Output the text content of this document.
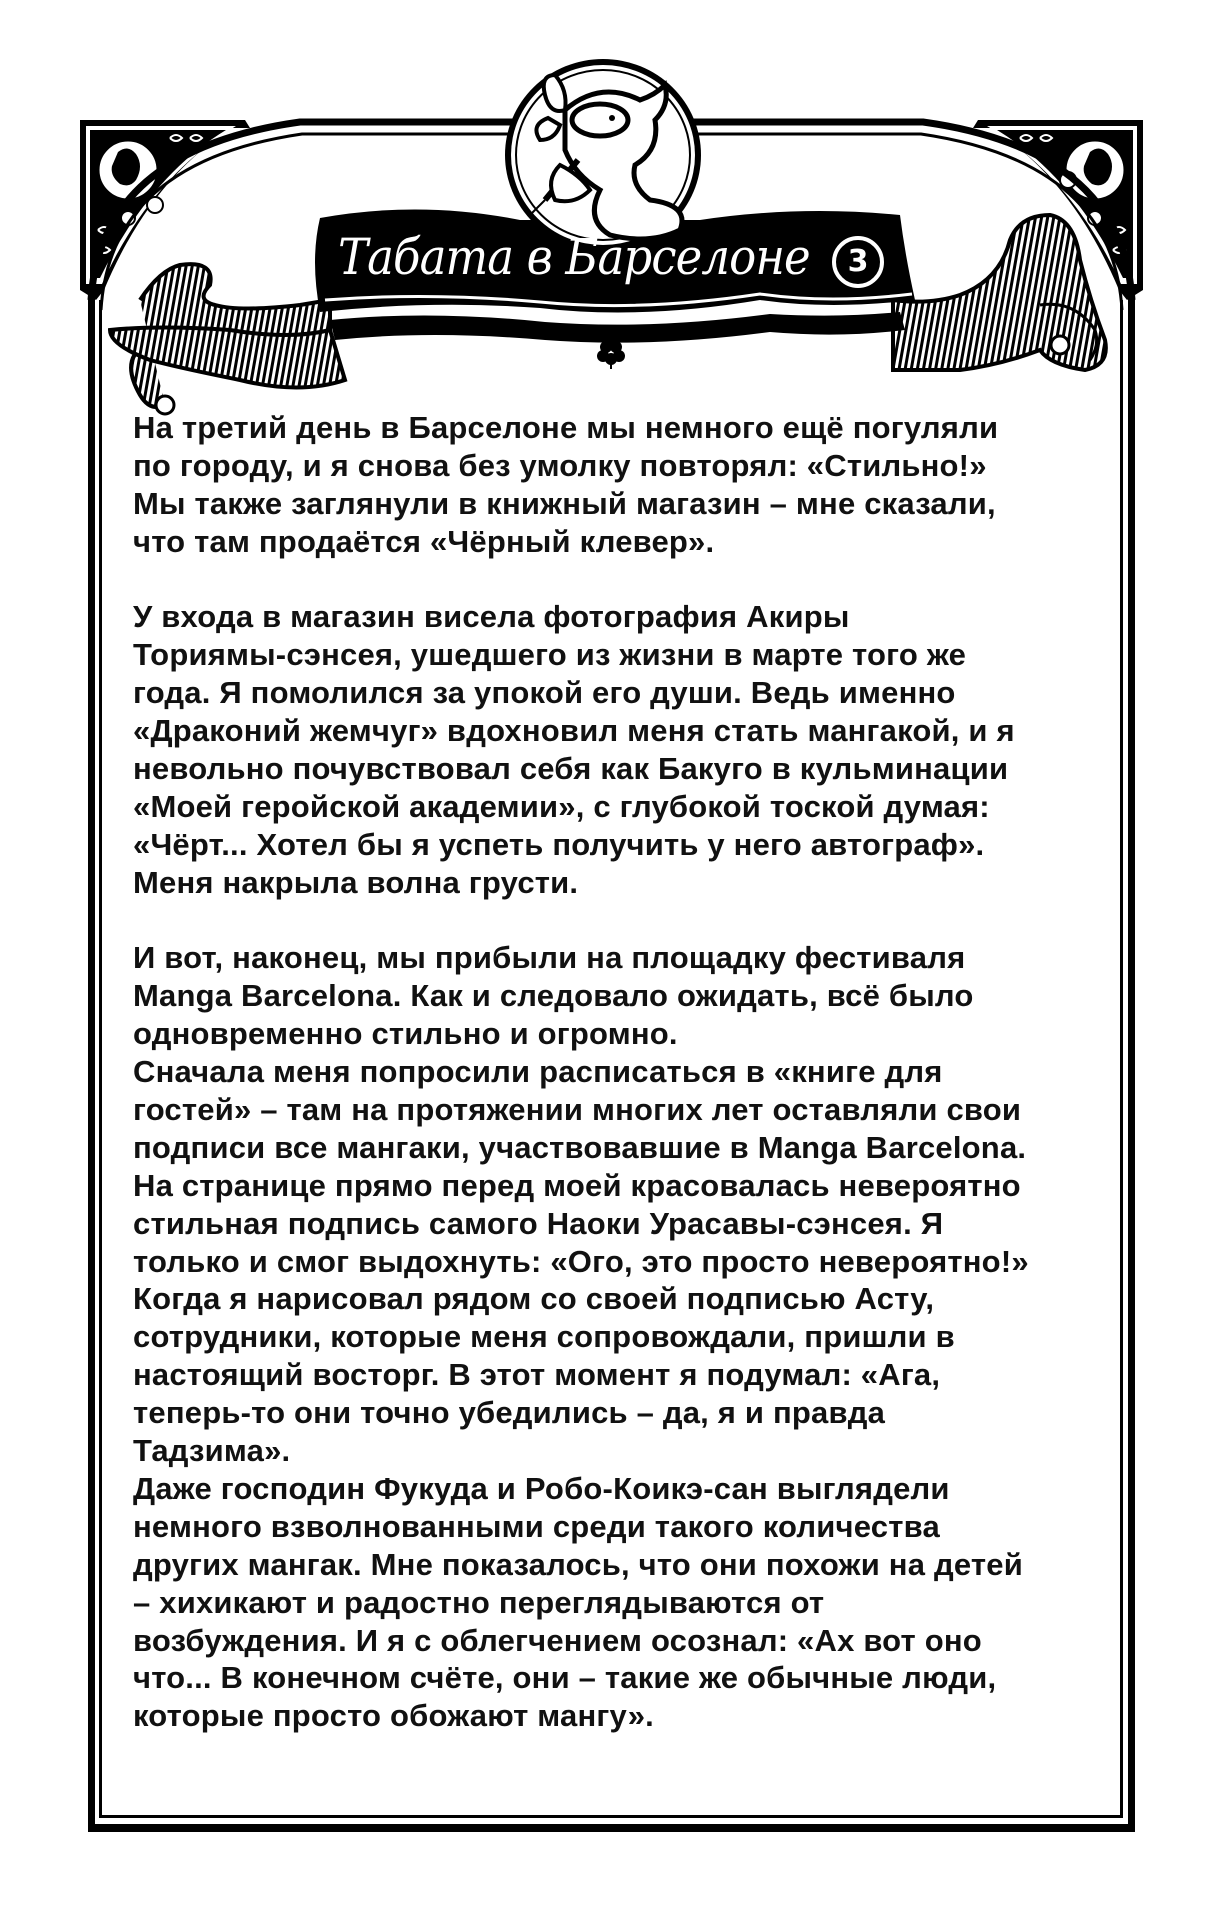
Табата в Барселоне	3
На третий день в Барселоне мы немного ещё погуляли
по городу, и я снова без умолку повторял: «Стильно!»
Мы также заглянули в книжный магазин – мне сказали,
что там продаётся «Чёрный клевер».
У входа в магазин висела фотография Акиры
Ториямы-сэнсея, ушедшего из жизни в марте того же
года. Я помолился за упокой его души. Ведь именно
«Драконий жемчуг» вдохновил меня стать мангакой, и я
невольно почувствовал себя как Бакуго в кульминации
«Моей геройской академии», с глубокой тоской думая:
«Чёрт... Хотел бы я успеть получить у него автограф».
Меня накрыла волна грусти.
И вот, наконец, мы прибыли на площадку фестиваля
Manga Barcelona. Как и следовало ожидать, всё было
одновременно стильно и огромно.
Сначала меня попросили расписаться в «книге для
гостей» – там на протяжении многих лет оставляли свои
подписи все мангаки, участвовавшие в Manga Barcelona.
На странице прямо перед моей красовалась невероятно
стильная подпись самого Наоки Урасавы-сэнсея. Я
только и смог выдохнуть: «Ого, это просто невероятно!»
Когда я нарисовал рядом со своей подписью Асту,
сотрудники, которые меня сопровождали, пришли в
настоящий восторг. В этот момент я подумал: «Ага,
теперь-то они точно убедились – да, я и правда
Тадзима».
Даже господин Фукуда и Робо-Коикэ-сан выглядели
немного взволнованными среди такого количества
других мангак. Мне показалось, что они похожи на детей
– хихикают и радостно переглядываются от
возбуждения. И я с облегчением осознал: «Ах вот оно
что... В конечном счёте, они – такие же обычные люди,
которые просто обожают мангу».
